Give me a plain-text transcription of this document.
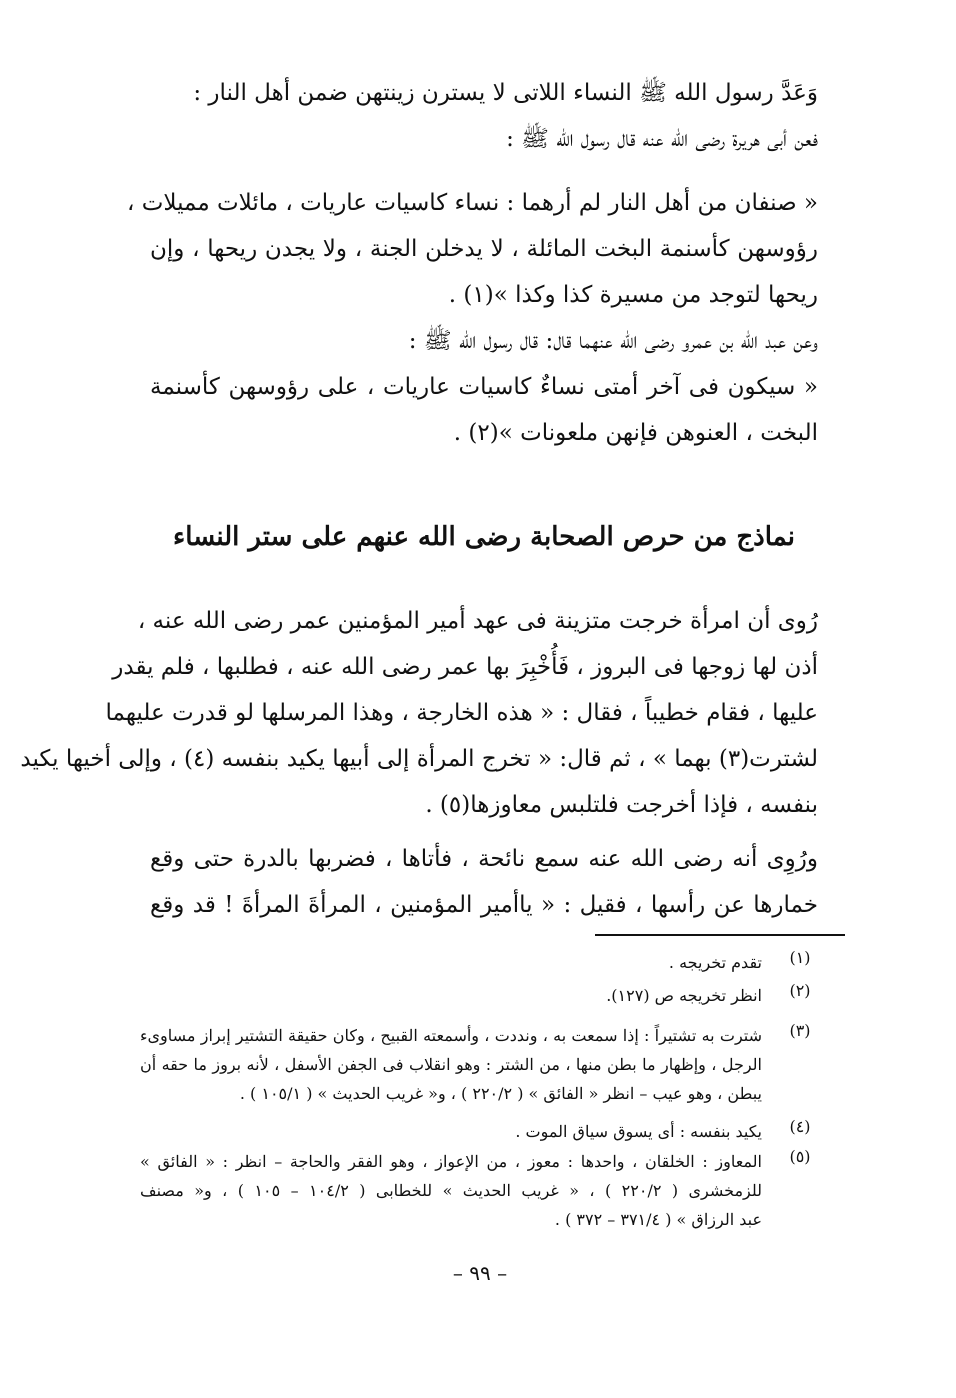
وَعَدَّ رسول الله ﷺ النساء اللاتى لا يسترن زينتهن ضمن أهل النار :
فعن أبى هريرة رضى الله عنه قال رسول الله ﷺ :
« صنفان من أهل النار لم أرهما : نساء كاسيات عاريات ، مائلات مميلات ،
رؤوسهن كأسنمة البخت المائلة ، لا يدخلن الجنة ، ولا يجدن ريحها ، وإن
ريحها لتوجد من مسيرة كذا وكذا »(١) .
وعن عبد الله بن عمرو رضى الله عنهما قال: قال رسول الله ﷺ :
« سيكون فى آخر أمتى نساءٌ كاسيات عاريات ، على رؤوسهن كأسنمة
البخت ، العنوهن فإنهن ملعونات »(٢) .
نماذج من حرص الصحابة رضى الله عنهم على ستر النساء
رُوى أن امرأة خرجت متزينة فى عهد أمير المؤمنين عمر رضى الله عنه ،
أذن لها زوجها فى البروز ، فَأُخْبِرَ بها عمر رضى الله عنه ، فطلبها ، فلم يقدر
عليها ، فقام خطيباً ، فقال : « هذه الخارجة ، وهذا المرسلها لو قدرت عليهما
لشترت(٣) بهما » ، ثم قال: « تخرج المرأة إلى أبيها يكيد بنفسه (٤) ، وإلى أخيها يكيد
بنفسه ، فإذا أخرجت فلتلبس معاوزها(٥) .
ورُوِى أنه رضى الله عنه سمع نائحة ، فأتاها ، فضربها بالدرة حتى وقع
خمارها عن رأسها ، فقيل : « ياأمير المؤمنين ، المرأةَ المرأةَ ! قد وقع
(١)
تقدم تخريجه .
(٢)
انظر تخريجه ص (١٢٧).
(٣)
شترت به تشتيراً : إذا سمعت به ، ونددت ، وأسمعته القبيح ، وكان حقيقة التشتير إبراز مساوىء
الرجل ، وإظهار ما بطن منها ، من الشتر : وهو انقلاب فى الجفن الأسفل ، لأنه بروز ما حقه أن
يبطن ، وهو عيب – انظر « الفائق » ( ٢٢٠/٢ ) ، و« غريب الحديث » ( ١٠٥/١ ) .
(٤)
يكيد بنفسه : أى يسوق سياق الموت .
(٥)
المعاوز : الخلقان ، واحدها : معوز ، من الإعواز ، وهو الفقر والحاجة – انظر : « الفائق »
للزمخشرى ( ٢٢٠/٢ ) ، « غريب الحديث » للخطابى ( ١٠٤/٢ – ١٠٥ ) ، و« مصنف
عبد الرزاق » ( ٣٧١/٤ – ٣٧٢ ) .
– ٩٩ –
